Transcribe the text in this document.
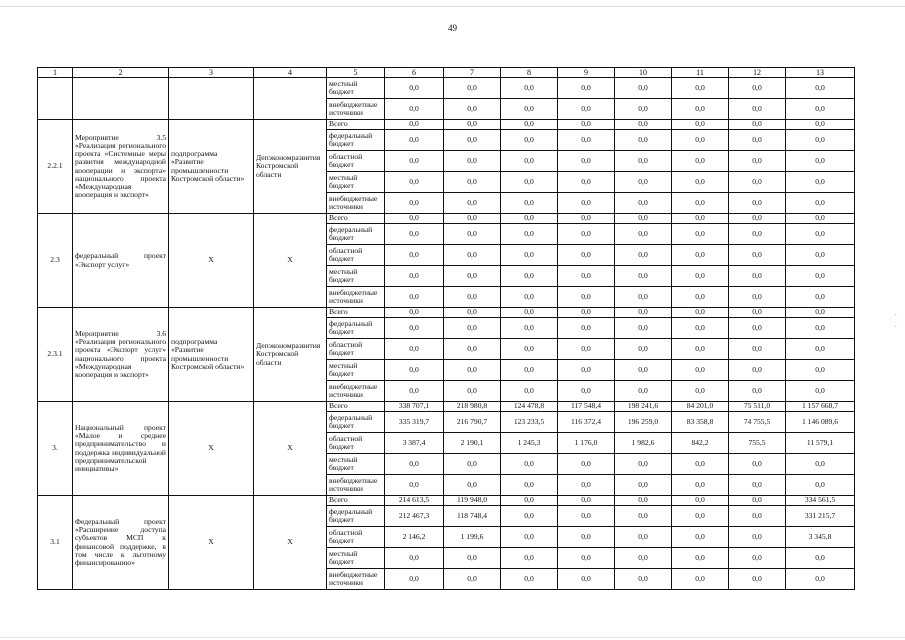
49
·
·
1	2	3	4	5	6	7	8	9	10	11	12	13
				местный бюджет	0,0	0,0	0,0	0,0	0,0	0,0	0,0	0,0
				внебюджетные источники	0,0	0,0	0,0	0,0	0,0	0,0	0,0	0,0
2.2.1	Мероприятие 3.5 «Реализация регионального проекта «Системные меры развития международной кооперации и экспорта» национального проекта «Международная кооперация и экспорт»	подпрограмма «Развитие промышленности Костромской области»	Депэкономразвития Костромской области	Всего	0,0	0,0	0,0	0,0	0,0	0,0	0,0	0,0
				федеральный бюджет	0,0	0,0	0,0	0,0	0,0	0,0	0,0	0,0
				областной бюджет	0,0	0,0	0,0	0,0	0,0	0,0	0,0	0,0
				местный бюджет	0,0	0,0	0,0	0,0	0,0	0,0	0,0	0,0
				внебюджетные источники	0,0	0,0	0,0	0,0	0,0	0,0	0,0	0,0
2.3	федеральный проект «Экспорт услуг»	Х	Х	Всего	0,0	0,0	0,0	0,0	0,0	0,0	0,0	0,0
				федеральный бюджет	0,0	0,0	0,0	0,0	0,0	0,0	0,0	0,0
				областной бюджет	0,0	0,0	0,0	0,0	0,0	0,0	0,0	0,0
				местный бюджет	0,0	0,0	0,0	0,0	0,0	0,0	0,0	0,0
				внебюджетные источники	0,0	0,0	0,0	0,0	0,0	0,0	0,0	0,0
2.3.1	Мероприятие 3.6 «Реализация регионального проекта «Экспорт услуг» национального проекта «Международная кооперация и экспорт»	подпрограмма «Развитие промышленности Костромской области»	Депэкономразвития Костромской области	Всего	0,0	0,0	0,0	0,0	0,0	0,0	0,0	0,0
				федеральный бюджет	0,0	0,0	0,0	0,0	0,0	0,0	0,0	0,0
				областной бюджет	0,0	0,0	0,0	0,0	0,0	0,0	0,0	0,0
				местный бюджет	0,0	0,0	0,0	0,0	0,0	0,0	0,0	0,0
				внебюджетные источники	0,0	0,0	0,0	0,0	0,0	0,0	0,0	0,0
3.	Национальный проект «Малое и среднее предпринимательство и поддержка индивидуальной предпринимательской инициативы»	Х	Х	Всего	338 707,1	218 980,8	124 478,8	117 548,4	198 241,6	84 201,0	75 511,0	1 157 668,7
				федеральный бюджет	335 319,7	216 790,7	123 233,5	116 372,4	196 259,0	83 358,8	74 755,5	1 146 089,6
				областной бюджет	3 387,4	2 190,1	1 245,3	1 176,0	1 982,6	842,2	755,5	11 579,1
				местный бюджет	0,0	0,0	0,0	0,0	0,0	0,0	0,0	0,0
				внебюджетные источники	0,0	0,0	0,0	0,0	0,0	0,0	0,0	0,0
3.1	Федеральный проект «Расширение доступа субъектов МСП к финансовой поддержке, в том числе к льготному финансированию»	Х	Х	Всего	214 613,5	119 948,0	0,0	0,0	0,0	0,0	0,0	334 561,5
				федеральный бюджет	212 467,3	118 748,4	0,0	0,0	0,0	0,0	0,0	331 215,7
				областной бюджет	2 146,2	1 199,6	0,0	0,0	0,0	0,0	0,0	3 345,8
				местный бюджет	0,0	0,0	0,0	0,0	0,0	0,0	0,0	0,0
				внебюджетные источники	0,0	0,0	0,0	0,0	0,0	0,0	0,0	0,0
